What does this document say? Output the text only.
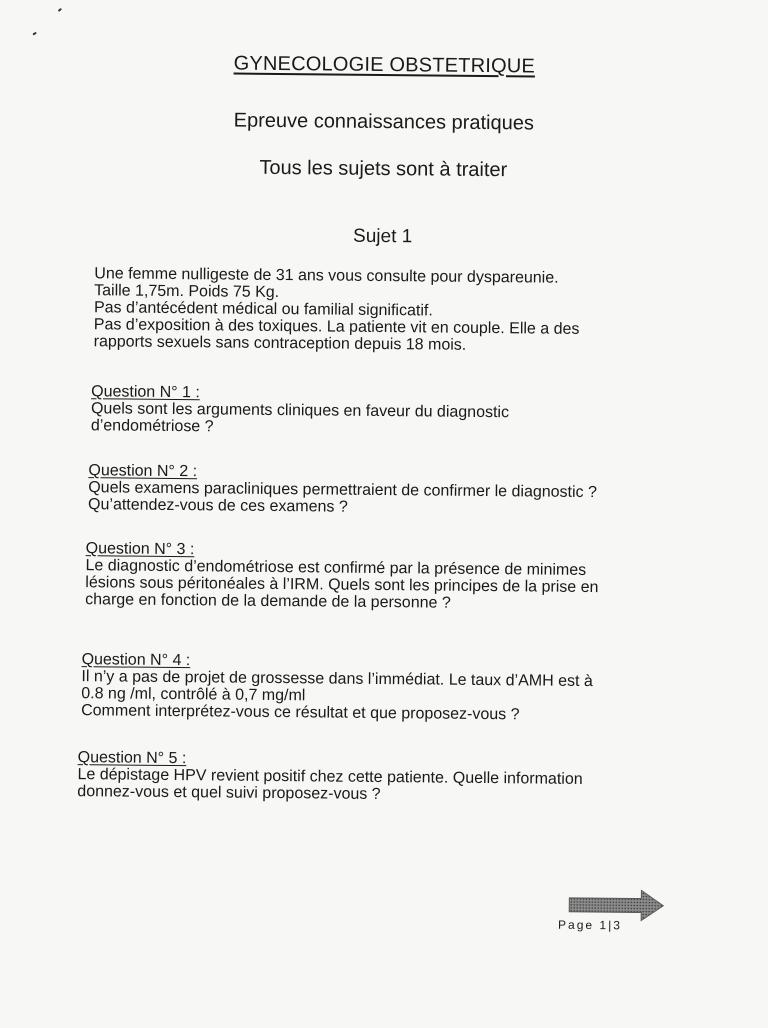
GYNECOLOGIE OBSTETRIQUE
Epreuve connaissances pratiques
Tous les sujets sont à traiter
Sujet 1

Une femme nulligeste de 31 ans vous consulte pour dyspareunie.

Taille 1,75m. Poids 75 Kg.

Pas d’antécédent médical ou familial significatif.

Pas d’exposition à des toxiques. La patiente vit en couple. Elle a des

rapports sexuels sans contraception depuis 18 mois.

Question N° 1 :

Quels sont les arguments cliniques en faveur du diagnostic

d’endométriose ?

Question N° 2 :

Quels examens paracliniques permettraient de confirmer le diagnostic ?

Qu’attendez-vous de ces examens ?

Question N° 3 :

Le diagnostic d’endométriose est confirmé par la présence de minimes

lésions sous péritonéales à l’IRM. Quels sont les principes de la prise en

charge en fonction de la demande de la personne ?

Question N° 4 :

Il n’y a pas de projet de grossesse dans l’immédiat. Le taux d’AMH est à

0.8 ng /ml, contrôlé à 0,7 mg/ml

Comment interprétez-vous ce résultat et que proposez-vous ?

Question N° 5 :

Le dépistage HPV revient positif chez cette patiente. Quelle information

donnez-vous et quel suivi proposez-vous ?

Page 1|3
